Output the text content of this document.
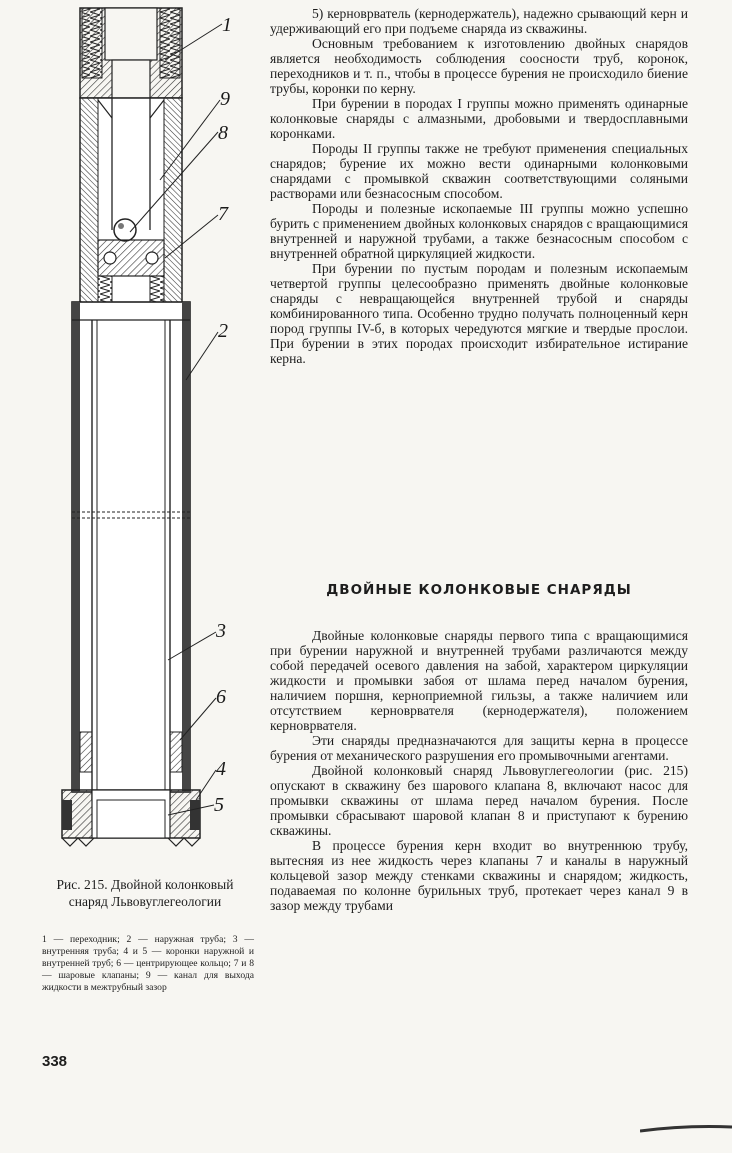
1
9
8
7
2
3
6
4
5
Рис. 215. Двойной колонковый снаряд Львовуглегеологии
1 — переходник; 2 — наружная труба; 3 — внутренняя труба; 4 и 5 — коронки наружной и внутренней труб; 6 — центрирующее кольцо; 7 и 8 — шаровые клапаны; 9 — канал для выхода жидкости в межтрубный зазор
338

5) керноврватель (кернодержатель), надежно срывающий керн и удерживающий его при подъеме снаряда из скважины.

Основным требованием к изготовлению двойных снарядов является необходимость соблюдения соосности труб, коронок, переходников и т. п., чтобы в процессе бурения не происходило биение трубы, коронки по керну.

При бурении в породах I группы можно применять одинарные колонковые снаряды с алмазными, дробовыми и твердосплавными коронками.

Породы II группы также не требуют применения специальных снарядов; бурение их можно вести одинарными колонковыми снарядами с промывкой скважин соответствующими соляными растворами или безнасосным способом.

Породы и полезные ископаемые III группы можно успешно бурить с применением двойных колонковых снарядов с вращающимися внутренней и наружной трубами, а также безнасосным способом с внутренней обратной циркуляцией жидкости.

При бурении по пустым породам и полезным ископаемым четвертой группы целесообразно применять двойные колонковые снаряды с невращающейся внутренней трубой и снаряды комбинированного типа. Особенно трудно получать полноценный керн пород группы IV-б, в которых чередуются мягкие и твердые прослои. При бурении в этих породах происходит избирательное истирание керна.

ДВОЙНЫЕ КОЛОНКОВЫЕ СНАРЯДЫ

Двойные колонковые снаряды первого типа с вращающимися при бурении наружной и внутренней трубами различаются между собой передачей осевого давления на забой, характером циркуляции жидкости и промывки забоя от шлама перед началом бурения, наличием поршня, кернoприемной гильзы, а также наличием или отсутствием керноврвателя (кернодержателя), положением керноврвателя.

Эти снаряды предназначаются для защиты керна в процессе бурения от механического разрушения его промывочными агентами.

Двойной колонковый снаряд Львовуглегеологии (рис. 215) опускают в скважину без шарового клапана 8, включают насос для промывки скважины от шлама перед началом бурения. После промывки сбрасывают шаровой клапан 8 и приступают к бурению скважины.

В процессе бурения керн входит во внутреннюю трубу, вытесняя из нее жидкость через клапаны 7 и каналы в наружный кольцевой зазор между стенками скважины и снарядом; жидкость, подаваемая по колонне бурильных труб, протекает через канал 9 в зазор между трубами
